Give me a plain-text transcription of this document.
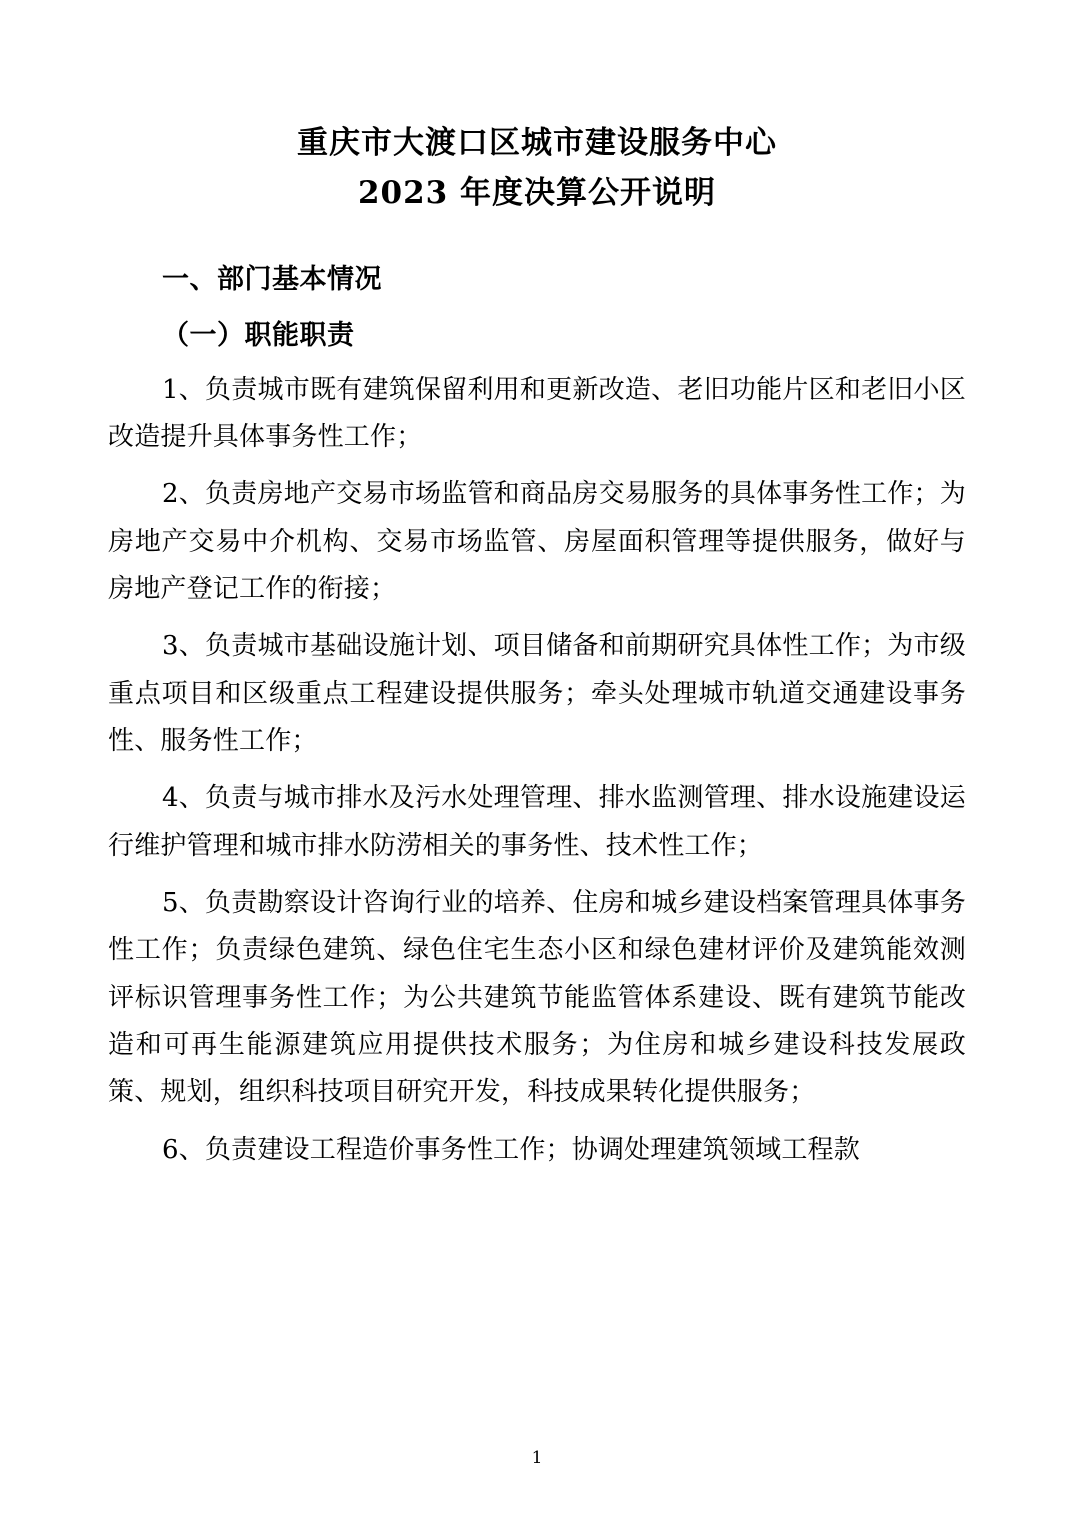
重庆市大渡口区城市建设服务中心
2023 年度决算公开说明
一、部门基本情况
（一）职能职责

1、负责城市既有建筑保留利用和更新改造、老旧功能片区和老旧小区改造提升具体事务性工作；

2、负责房地产交易市场监管和商品房交易服务的具体事务性工作；为房地产交易中介机构、交易市场监管、房屋面积管理等提供服务，做好与房地产登记工作的衔接；

3、负责城市基础设施计划、项目储备和前期研究具体性工作；为市级重点项目和区级重点工程建设提供服务；牵头处理城市轨道交通建设事务性、服务性工作；

4、负责与城市排水及污水处理管理、排水监测管理、排水设施建设运行维护管理和城市排水防涝相关的事务性、技术性工作；

5、负责勘察设计咨询行业的培养、住房和城乡建设档案管理具体事务性工作；负责绿色建筑、绿色住宅生态小区和绿色建材评价及建筑能效测评标识管理事务性工作；为公共建筑节能监管体系建设、既有建筑节能改造和可再生能源建筑应用提供技术服务；为住房和城乡建设科技发展政策、规划，组织科技项目研究开发，科技成果转化提供服务；

6、负责建设工程造价事务性工作；协调处理建筑领域工程款

1
